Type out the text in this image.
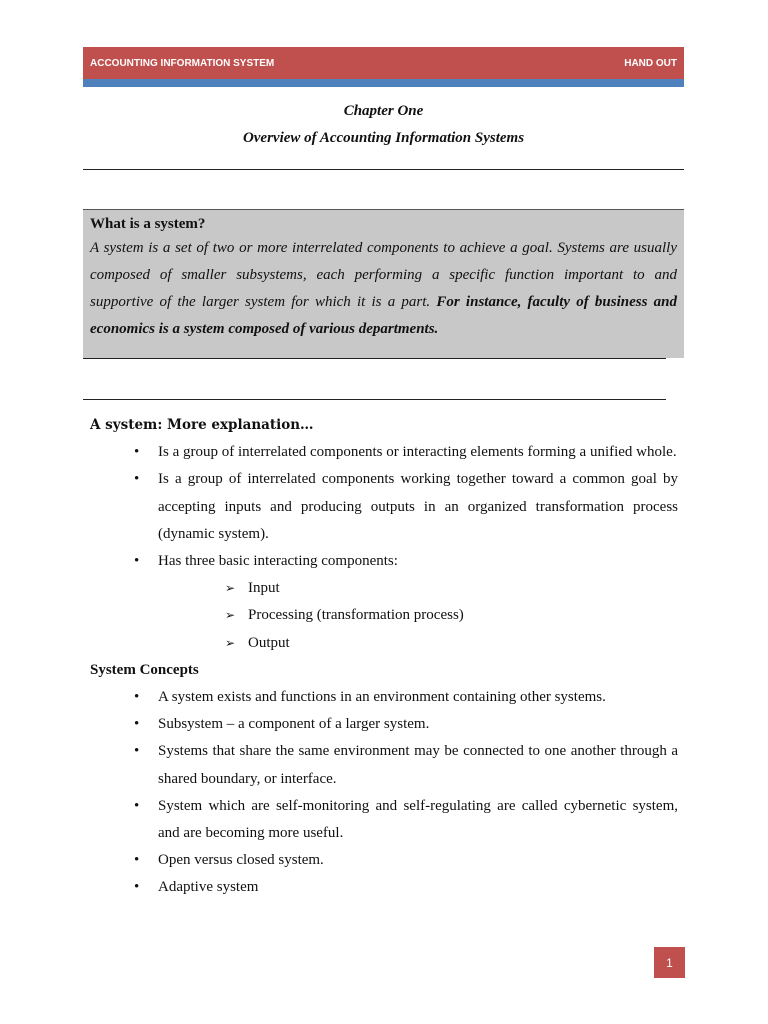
ACCOUNTING INFORMATION SYSTEM	HAND OUT
Chapter One
Overview of Accounting Information Systems
What is a system?
A system is a set of two or more interrelated components to achieve a goal. Systems are usually composed of smaller subsystems, each performing a specific function important to and supportive of the larger system for which it is a part. For instance, faculty of business and economics is a system composed of various departments.
A system: More explanation…
• Is a group of interrelated components or interacting elements forming a unified whole.
• Is a group of interrelated components working together toward a common goal by accepting inputs and producing outputs in an organized transformation process (dynamic system).
• Has three basic interacting components:
➢ Input
➢ Processing (transformation process)
➢ Output
System Concepts
• A system exists and functions in an environment containing other systems.
• Subsystem – a component of a larger system.
• Systems that share the same environment may be connected to one another through a shared boundary, or interface.
• System which are self-monitoring and self-regulating are called cybernetic system, and are becoming more useful.
• Open versus closed system.
• Adaptive system
1
